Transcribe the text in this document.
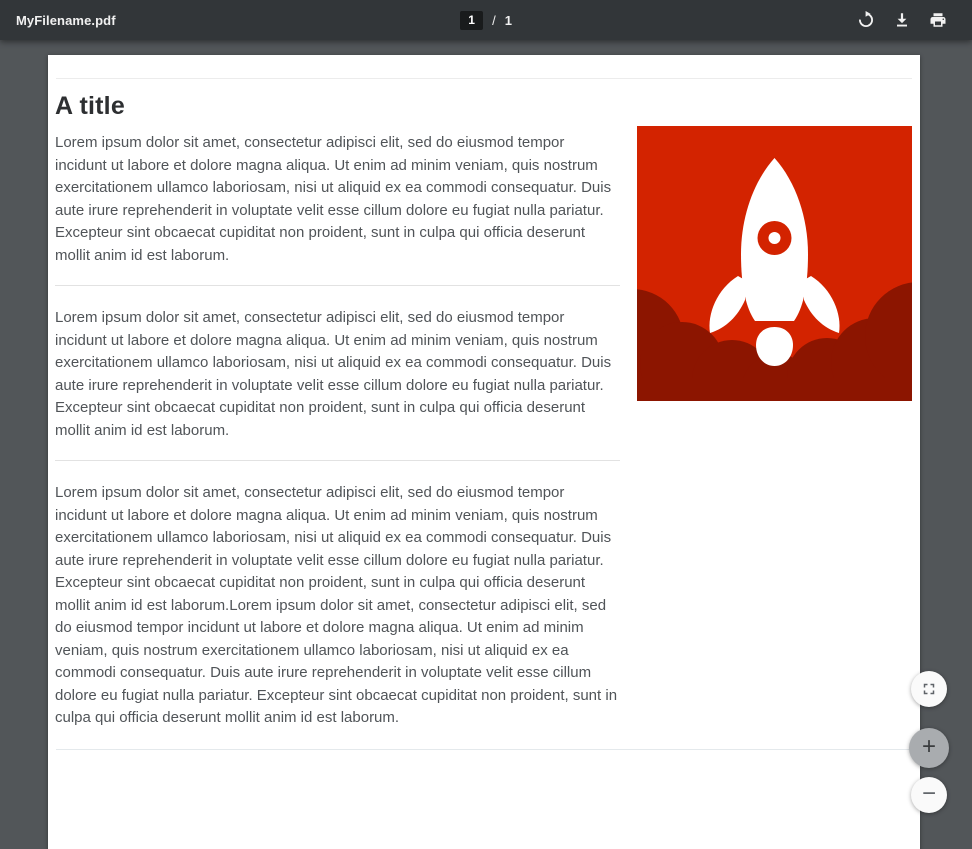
MyFilename.pdf
1	/ 1
A title

Lorem ipsum dolor sit amet, consectetur adipisci elit, sed do eiusmod tempor incidunt ut labore et dolore magna aliqua. Ut enim ad minim veniam, quis nostrum exercitationem ullamco laboriosam, nisi ut aliquid ex ea commodi consequatur. Duis aute irure reprehenderit in voluptate velit esse cillum dolore eu fugiat nulla pariatur. Excepteur sint obcaecat cupiditat non proident, sunt in culpa qui officia deserunt mollit anim id est laborum.

Lorem ipsum dolor sit amet, consectetur adipisci elit, sed do eiusmod tempor incidunt ut labore et dolore magna aliqua. Ut enim ad minim veniam, quis nostrum exercitationem ullamco laboriosam, nisi ut aliquid ex ea commodi consequatur. Duis aute irure reprehenderit in voluptate velit esse cillum dolore eu fugiat nulla pariatur. Excepteur sint obcaecat cupiditat non proident, sunt in culpa qui officia deserunt mollit anim id est laborum.

Lorem ipsum dolor sit amet, consectetur adipisci elit, sed do eiusmod tempor incidunt ut labore et dolore magna aliqua. Ut enim ad minim veniam, quis nostrum exercitationem ullamco laboriosam, nisi ut aliquid ex ea commodi consequatur. Duis aute irure reprehenderit in voluptate velit esse cillum dolore eu fugiat nulla pariatur. Excepteur sint obcaecat cupiditat non proident, sunt in culpa qui officia deserunt mollit anim id est laborum.Lorem ipsum dolor sit amet, consectetur adipisci elit, sed do eiusmod tempor incidunt ut labore et dolore magna aliqua. Ut enim ad minim veniam, quis nostrum exercitationem ullamco laboriosam, nisi ut aliquid ex ea commodi consequatur. Duis aute irure reprehenderit in voluptate velit esse cillum dolore eu fugiat nulla pariatur. Excepteur sint obcaecat cupiditat non proident, sunt in culpa qui officia deserunt mollit anim id est laborum.

+
−
